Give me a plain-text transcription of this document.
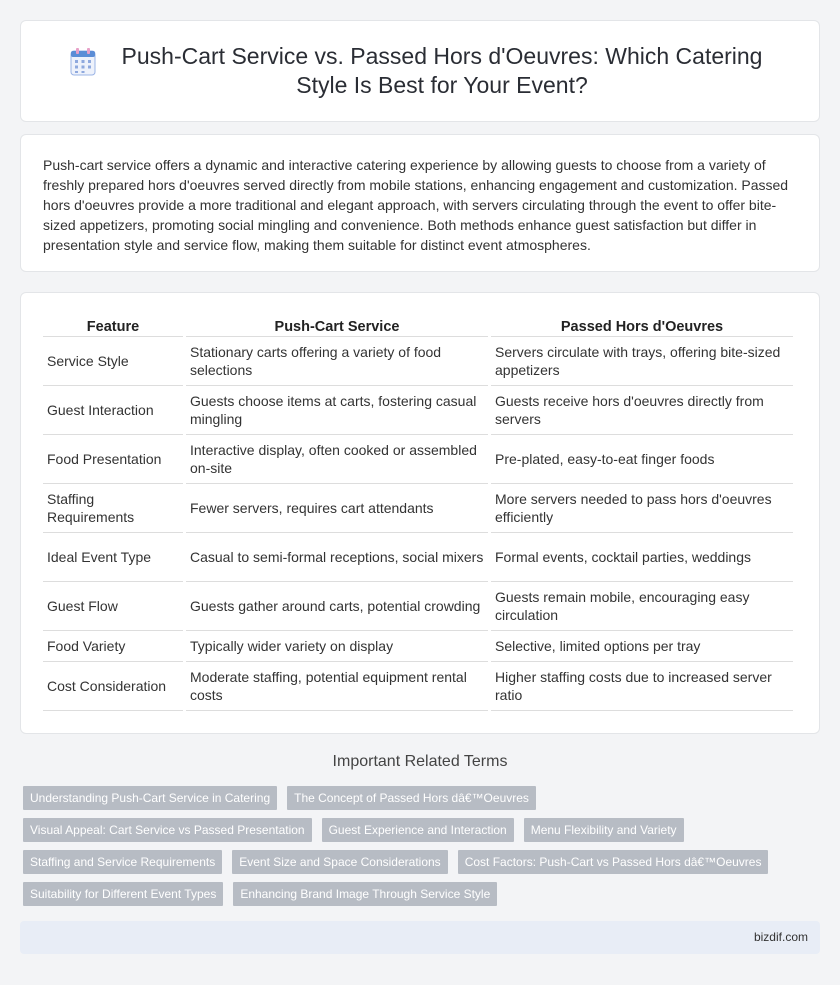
Push-Cart Service vs. Passed Hors d'Oeuvres: Which Catering Style Is Best for Your Event?

Push-cart service offers a dynamic and interactive catering experience by allowing guests to choose from a variety of freshly prepared hors d'oeuvres served directly from mobile stations, enhancing engagement and customization. Passed hors d'oeuvres provide a more traditional and elegant approach, with servers circulating through the event to offer bite-sized appetizers, promoting social mingling and convenience. Both methods enhance guest satisfaction but differ in presentation style and service flow, making them suitable for distinct event atmospheres.

Feature	Push-Cart Service	Passed Hors d'Oeuvres
Service Style	Stationary carts offering a variety of food selections	Servers circulate with trays, offering bite-sized appetizers
Guest Interaction	Guests choose items at carts, fostering casual mingling	Guests receive hors d'oeuvres directly from servers
Food Presentation	Interactive display, often cooked or assembled on-site	Pre-plated, easy-to-eat finger foods
Staffing Requirements	Fewer servers, requires cart attendants	More servers needed to pass hors d'oeuvres efficiently
Ideal Event Type	Casual to semi-formal receptions, social mixers	Formal events, cocktail parties, weddings
Guest Flow	Guests gather around carts, potential crowding	Guests remain mobile, encouraging easy circulation
Food Variety	Typically wider variety on display	Selective, limited options per tray
Cost Consideration	Moderate staffing, potential equipment rental costs	Higher staffing costs due to increased server ratio
Important Related Terms
Understanding Push-Cart Service in Catering	The Concept of Passed Hors dâ€™Oeuvres
Visual Appeal: Cart Service vs Passed Presentation	Guest Experience and Interaction	Menu Flexibility and Variety
Staffing and Service Requirements	Event Size and Space Considerations	Cost Factors: Push-Cart vs Passed Hors dâ€™Oeuvres
Suitability for Different Event Types	Enhancing Brand Image Through Service Style
bizdif.com
